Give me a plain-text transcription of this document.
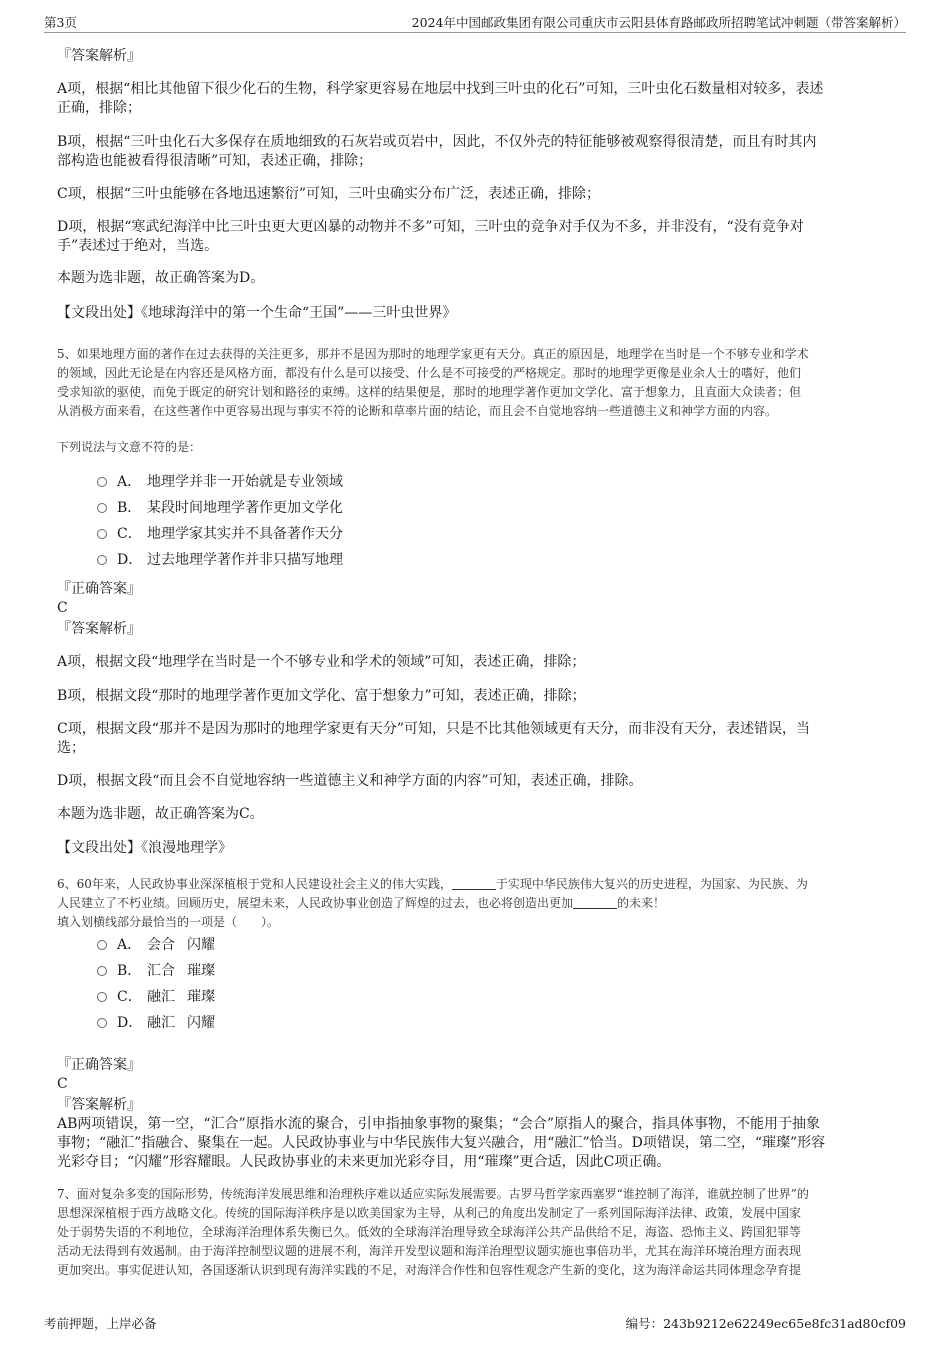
第3页	2024年中国邮政集团有限公司重庆市云阳县体育路邮政所招聘笔试冲刺题（带答案解析）

『答案解析』

A项，根据“相比其他留下很少化石的生物，科学家更容易在地层中找到三叶虫的化石”可知，三叶虫化石数量相对较多，表述

正确，排除；

B项，根据“三叶虫化石大多保存在质地细致的石灰岩或页岩中，因此，不仅外壳的特征能够被观察得很清楚，而且有时其内

部构造也能被看得很清晰”可知，表述正确，排除；

C项，根据“三叶虫能够在各地迅速繁衍”可知，三叶虫确实分布广泛，表述正确，排除；

D项，根据“寒武纪海洋中比三叶虫更大更凶暴的动物并不多”可知，三叶虫的竞争对手仅为不多，并非没有，“没有竞争对

手”表述过于绝对，当选。

本题为选非题，故正确答案为D。

【文段出处】《地球海洋中的第一个生命“王国”——三叶虫世界》

5、如果地理方面的著作在过去获得的关注更多，那并不是因为那时的地理学家更有天分。真正的原因是，地理学在当时是一个不够专业和学术

的领域，因此无论是在内容还是风格方面，都没有什么是可以接受、什么是不可接受的严格规定。那时的地理学更像是业余人士的嗜好，他们

受求知欲的驱使，而免于既定的研究计划和路径的束缚。这样的结果便是，那时的地理学著作更加文学化、富于想象力，且直面大众读者；但

从消极方面来看，在这些著作中更容易出现与事实不符的论断和草率片面的结论，而且会不自觉地容纳一些道德主义和神学方面的内容。

下列说法与文意不符的是：

A． 地理学并非一开始就是专业领域
B． 某段时间地理学著作更加文学化
C． 地理学家其实并不具备著作天分
D． 过去地理学著作并非只描写地理

『正确答案』

C

『答案解析』

A项，根据文段“地理学在当时是一个不够专业和学术的领域”可知，表述正确，排除；

B项，根据文段“那时的地理学著作更加文学化、富于想象力”可知，表述正确，排除；

C项，根据文段“那并不是因为那时的地理学家更有天分”可知，只是不比其他领域更有天分，而非没有天分，表述错误，当

选；

D项，根据文段“而且会不自觉地容纳一些道德主义和神学方面的内容”可知，表述正确，排除。

本题为选非题，故正确答案为C。

【文段出处】《浪漫地理学》

6、60年来，人民政协事业深深植根于党和人民建设社会主义的伟大实践，	于实现中华民族伟大复兴的历史进程，为国家、为民族、为

人民建立了不朽业绩。回顾历史，展望未来，人民政协事业创造了辉煌的过去，也必将创造出更加	的未来！

填入划横线部分最恰当的一项是（　　）。

A． 会合 闪耀
B． 汇合 璀璨
C． 融汇 璀璨
D． 融汇 闪耀

『正确答案』

C

『答案解析』

AB两项错误，第一空，“汇合”原指水流的聚合，引申指抽象事物的聚集；“会合”原指人的聚合，指具体事物，不能用于抽象

事物；“融汇”指融合、聚集在一起。人民政协事业与中华民族伟大复兴融合，用“融汇”恰当。D项错误，第二空，“璀璨”形容

光彩夺目；“闪耀”形容耀眼。人民政协事业的未来更加光彩夺目，用“璀璨”更合适，因此C项正确。

7、面对复杂多变的国际形势，传统海洋发展思维和治理秩序难以适应实际发展需要。古罗马哲学家西塞罗“谁控制了海洋，谁就控制了世界”的

思想深深植根于西方战略文化。传统的国际海洋秩序是以欧美国家为主导，从利己的角度出发制定了一系列国际海洋法律、政策，发展中国家

处于弱势失语的不利地位，全球海洋治理体系失衡已久。低效的全球海洋治理导致全球海洋公共产品供给不足，海盗、恐怖主义、跨国犯罪等

活动无法得到有效遏制。由于海洋控制型议题的进展不利，海洋开发型议题和海洋治理型议题实施也事倍功半，尤其在海洋环境治理方面表现

更加突出。事实促进认知，各国逐渐认识到现有海洋实践的不足，对海洋合作性和包容性观念产生新的变化，这为海洋命运共同体理念孕育提

考前押题，上岸必备	编号：243b9212e62249ec65e8fc31ad80cf09
